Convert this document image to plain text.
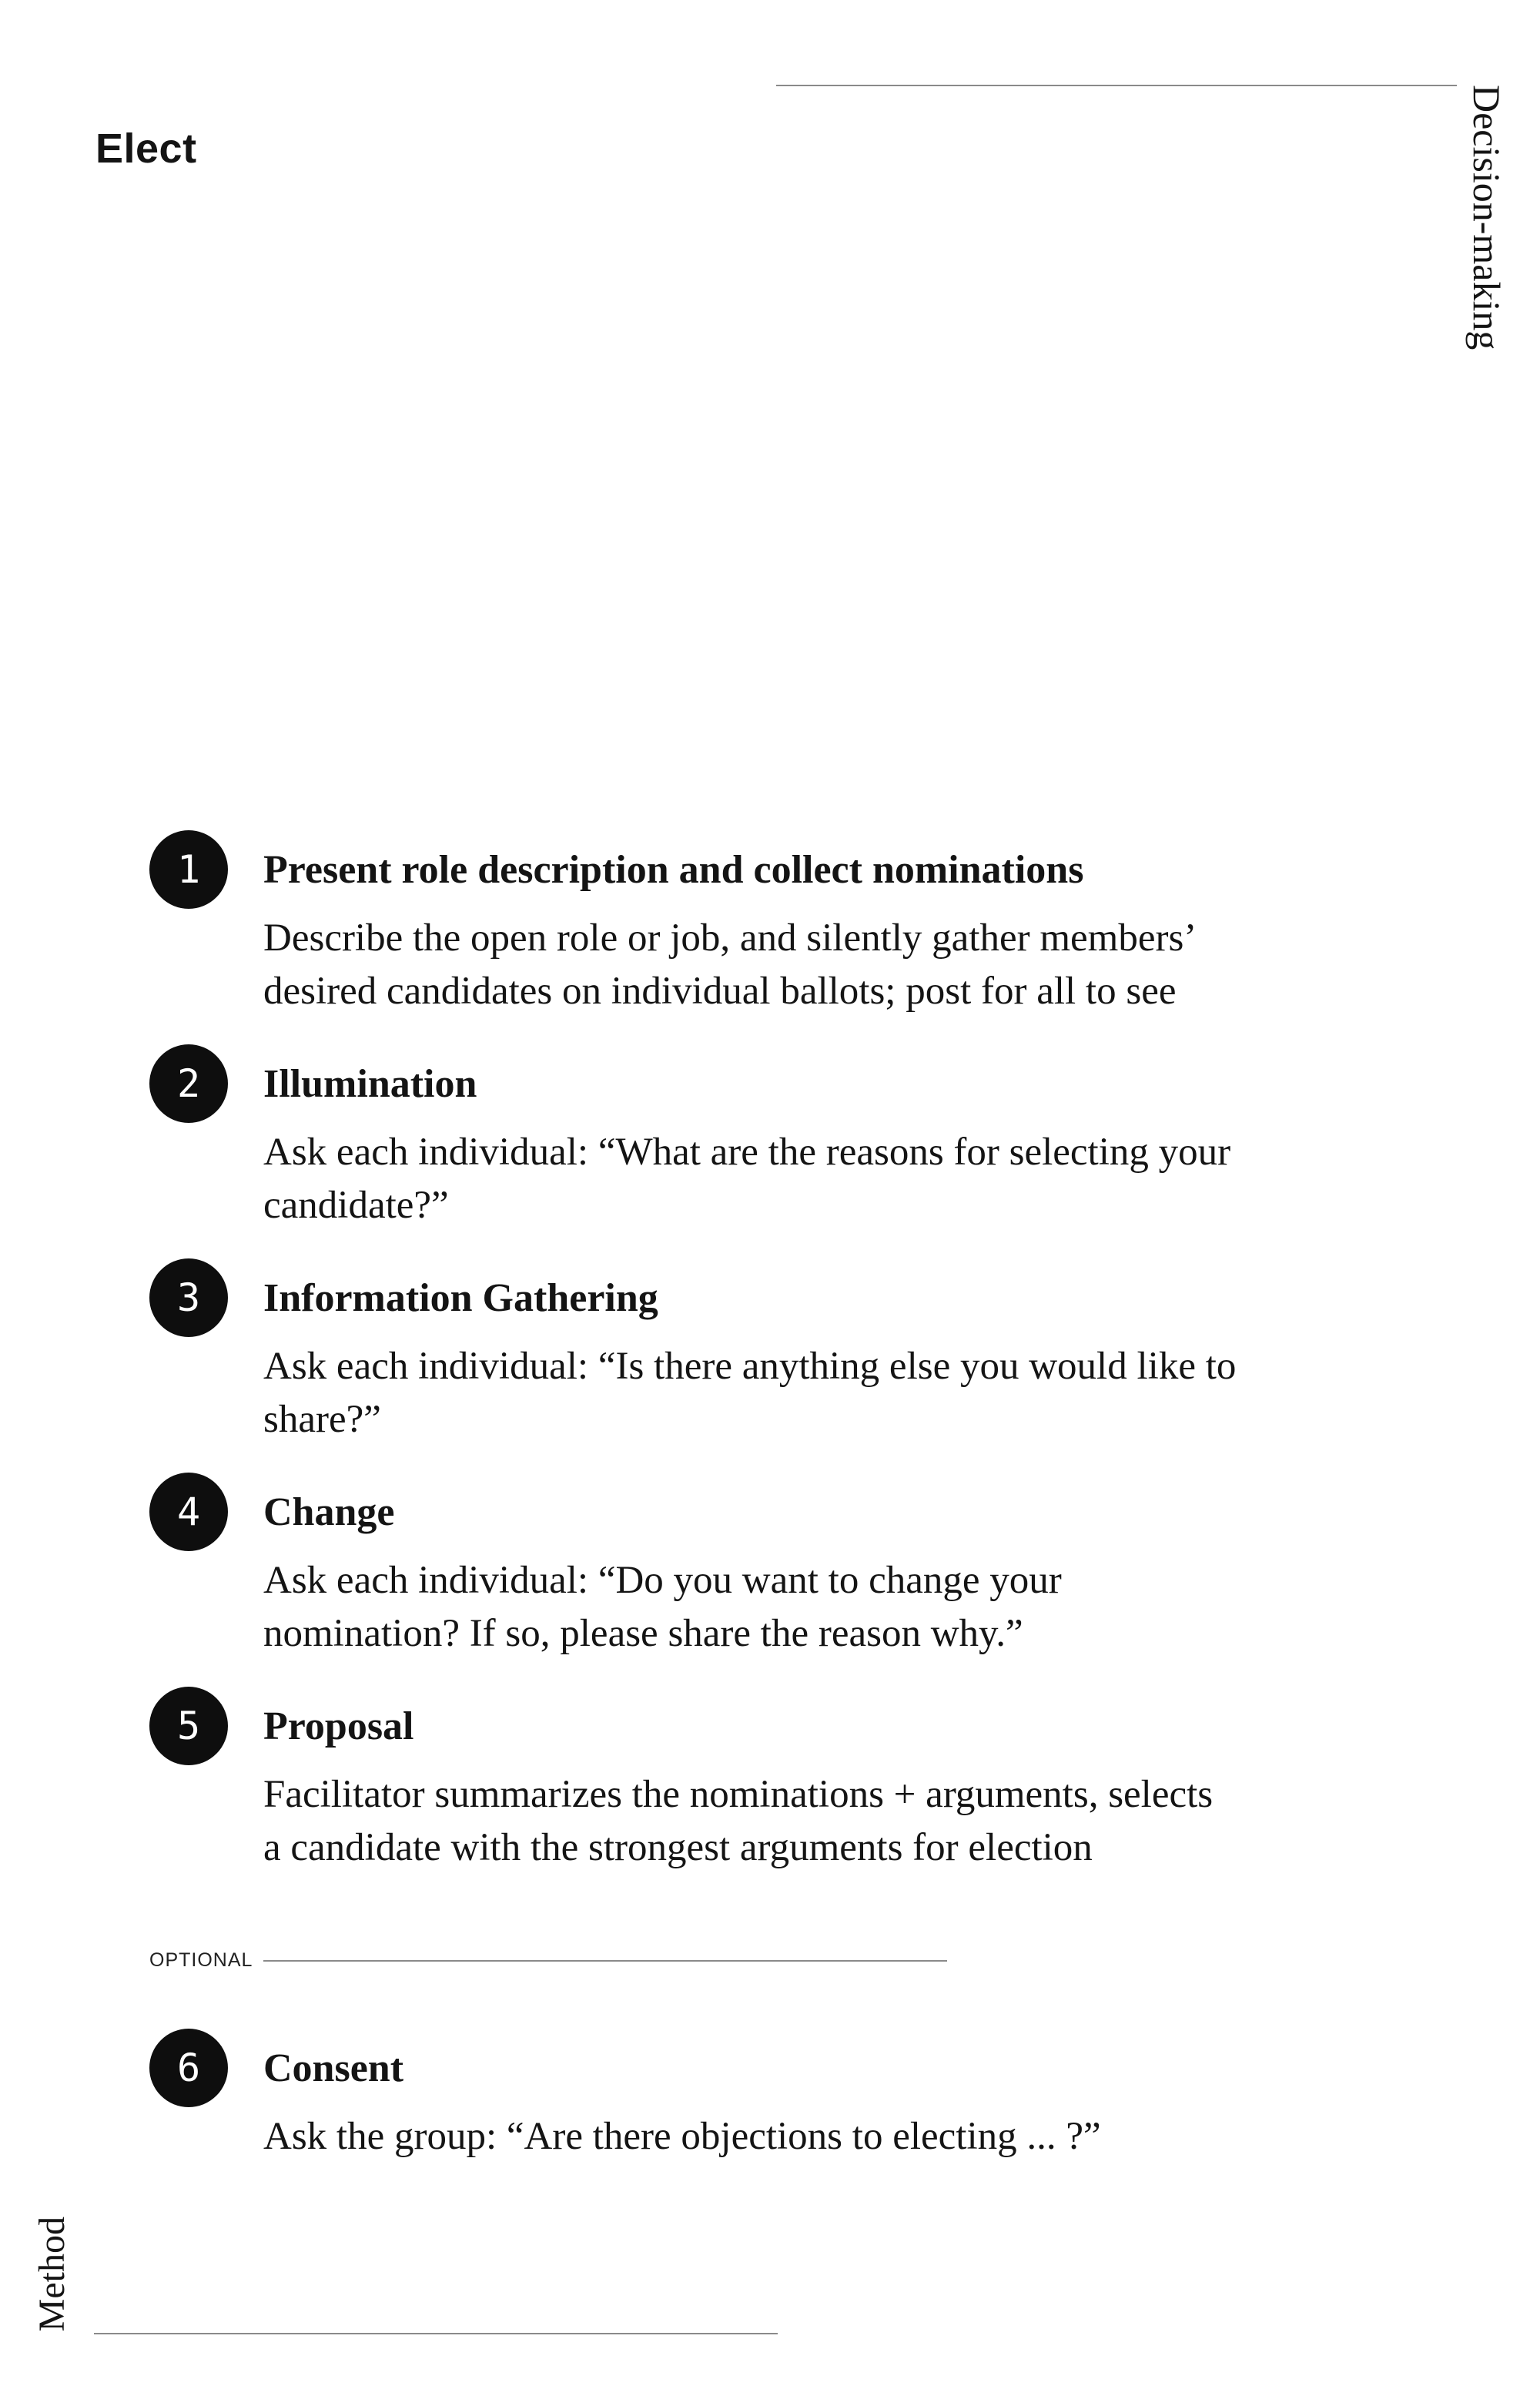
Elect	Decision-making
1	Present role description and collect nominations

Describe the open role or job, and silently gather members’
desired candidates on individual ballots; post for all to see

2	Illumination

Ask each individual: “What are the reasons for selecting your
candidate?”

3	Information Gathering

Ask each individual: “Is there anything else you would like to
share?”

4	Change

Ask each individual: “Do you want to change your
nomination? If so, please share the reason why.”

5	Proposal

Facilitator summarizes the nominations + arguments, selects
a candidate with the strongest arguments for election

OPTIONAL
6	Consent

Ask the group: “Are there objections to electing ... ?”

Method
